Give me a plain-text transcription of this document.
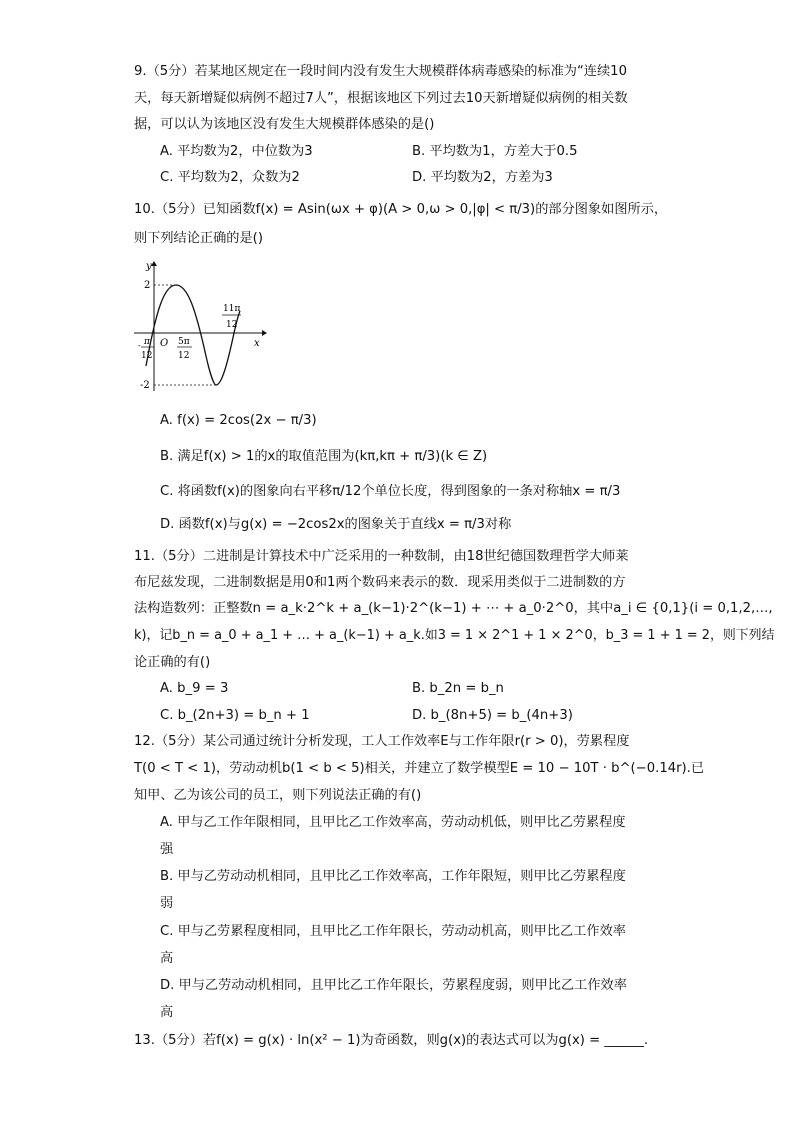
9.（5分）若某地区规定在一段时间内没有发生大规模群体病毒感染的标准为“连续10
天，每天新增疑似病例不超过7人”，根据该地区下列过去10天新增疑似病例的相关数
据，可以认为该地区没有发生大规模群体感染的是()
A. 平均数为2，中位数为3	B. 平均数为1，方差大于0.5
C. 平均数为2，众数为2	D. 平均数为2，方差为3
10.（5分）已知函数f(x) = Asin(ωx + φ)(A > 0,ω > 0,|φ| < π/3)的部分图象如图所示，
则下列结论正确的是()
y
x
O
2
-2
- π
12
5π
12
11π
12
A. f(x) = 2cos(2x − π/3)
B. 满足f(x) > 1的x的取值范围为(kπ,kπ + π/3)(k ∈ Z)
C. 将函数f(x)的图象向右平移π/12个单位长度，得到图象的一条对称轴x = π/3
D. 函数f(x)与g(x) = −2cos2x的图象关于直线x = π/3对称
11.（5分）二进制是计算技术中广泛采用的一种数制，由18世纪德国数理哲学大师莱
布尼兹发现，二进制数据是用0和1两个数码来表示的数．现采用类似于二进制数的方
法构造数列：正整数n = a_k·2^k + a_(k−1)·2^(k−1) + ⋯ + a_0·2^0，其中a_i ∈ {0,1}(i = 0,1,2,…,
k)，记b_n = a_0 + a_1 + … + a_(k−1) + a_k.如3 = 1 × 2^1 + 1 × 2^0，b_3 = 1 + 1 = 2，则下列结
论正确的有()
A. b_9 = 3	B. b_2n = b_n
C. b_(2n+3) = b_n + 1	D. b_(8n+5) = b_(4n+3)
12.（5分）某公司通过统计分析发现，工人工作效率E与工作年限r(r > 0)，劳累程度
T(0 < T < 1)，劳动动机b(1 < b < 5)相关，并建立了数学模型E = 10 − 10T · b^(−0.14r).已
知甲、乙为该公司的员工，则下列说法正确的有()
A. 甲与乙工作年限相同，且甲比乙工作效率高，劳动动机低，则甲比乙劳累程度
强
B. 甲与乙劳动动机相同，且甲比乙工作效率高，工作年限短，则甲比乙劳累程度
弱
C. 甲与乙劳累程度相同，且甲比乙工作年限长，劳动动机高，则甲比乙工作效率
高
D. 甲与乙劳动动机相同，且甲比乙工作年限长，劳累程度弱，则甲比乙工作效率
高
13.（5分）若f(x) = g(x) · ln(x² − 1)为奇函数，则g(x)的表达式可以为g(x) = ______.
